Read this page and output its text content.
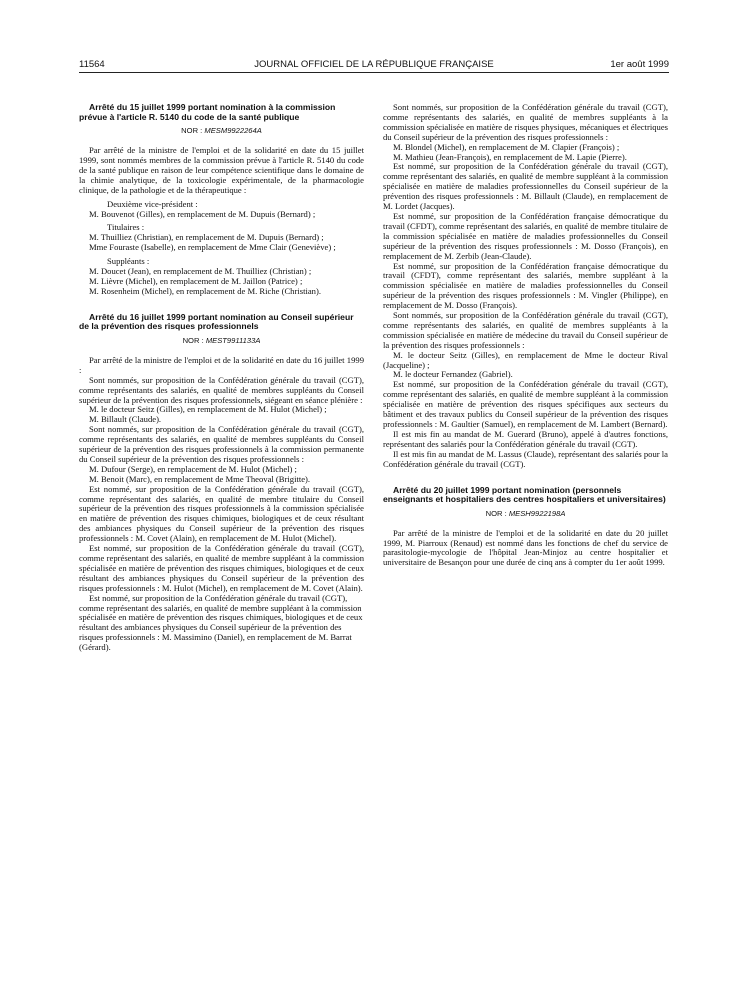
11564	JOURNAL OFFICIEL DE LA RÉPUBLIQUE FRANÇAISE	1er août 1999

Arrêté du 15 juillet 1999 portant nomination à la commission prévue à l'article R. 5140 du code de la santé publique

NOR : MESM9922264A

Par arrêté de la ministre de l'emploi et de la solidarité en date du 15 juillet 1999, sont nommés membres de la commission prévue à l'article R. 5140 du code de la santé publique en raison de leur compétence scientifique dans le domaine de la chimie analytique, de la toxicologie expérimentale, de la pharmacologie clinique, de la pathologie et de la thérapeutique :

Deuxième vice-président :

M. Bouvenot (Gilles), en remplacement de M. Dupuis (Bernard) ;

Titulaires :

M. Thuilliez (Christian), en remplacement de M. Dupuis (Bernard) ;

Mme Fouraste (Isabelle), en remplacement de Mme Clair (Geneviève) ;

Suppléants :

M. Doucet (Jean), en remplacement de M. Thuilliez (Christian) ;

M. Lièvre (Michel), en remplacement de M. Jaillon (Patrice) ;

M. Rosenheim (Michel), en remplacement de M. Riche (Christian).

Arrêté du 16 juillet 1999 portant nomination au Conseil supérieur de la prévention des risques professionnels

NOR : MEST9911133A

Par arrêté de la ministre de l'emploi et de la solidarité en date du 16 juillet 1999 :

Sont nommés, sur proposition de la Confédération générale du travail (CGT), comme représentants des salariés, en qualité de membres suppléants du Conseil supérieur de la prévention des risques professionnels, siégeant en séance plénière :

M. le docteur Seitz (Gilles), en remplacement de M. Hulot (Michel) ;

M. Billault (Claude).

Sont nommés, sur proposition de la Confédération générale du travail (CGT), comme représentants des salariés, en qualité de membres suppléants du Conseil supérieur de la prévention des risques professionnels à la commission permanente du Conseil supérieur de la prévention des risques professionnels :

M. Dufour (Serge), en remplacement de M. Hulot (Michel) ;

M. Benoit (Marc), en remplacement de Mme Theoval (Brigitte).

Est nommé, sur proposition de la Confédération générale du travail (CGT), comme représentant des salariés, en qualité de membre titulaire du Conseil supérieur de la prévention des risques professionnels à la commission spécialisée en matière de prévention des risques chimiques, biologiques et de ceux résultant des ambiances physiques du Conseil supérieur de la prévention des risques professionnels : M. Covet (Alain), en remplacement de M. Hulot (Michel).

Est nommé, sur proposition de la Confédération générale du travail (CGT), comme représentant des salariés, en qualité de membre suppléant à la commission spécialisée en matière de prévention des risques chimiques, biologiques et de ceux résultant des ambiances physiques du Conseil supérieur de la prévention des risques professionnels : M. Hulot (Michel), en remplacement de M. Covet (Alain).

Est nommé, sur proposition de la Confédération générale du travail (CGT), comme représentant des salariés, en qualité de membre suppléant à la commission spécialisée en matière de prévention des risques chimiques, biologiques et de ceux résultant des ambiances physiques du Conseil supérieur de la prévention des risques professionnels : M. Massimino (Daniel), en remplacement de M. Barrat (Gérard).

Sont nommés, sur proposition de la Confédération générale du travail (CGT), comme représentants des salariés, en qualité de membres suppléants à la commission spécialisée en matière de risques physiques, mécaniques et électriques du Conseil supérieur de la prévention des risques professionnels :

M. Blondel (Michel), en remplacement de M. Clapier (François) ;

M. Mathieu (Jean-François), en remplacement de M. Lapie (Pierre).

Est nommé, sur proposition de la Confédération générale du travail (CGT), comme représentant des salariés, en qualité de membre suppléant à la commission spécialisée en matière de maladies professionnelles du Conseil supérieur de la prévention des risques professionnels : M. Billault (Claude), en remplacement de M. Lordet (Jacques).

Est nommé, sur proposition de la Confédération française démocratique du travail (CFDT), comme représentant des salariés, en qualité de membre titulaire de la commission spécialisée en matière de maladies professionnelles du Conseil supérieur de la prévention des risques professionnels : M. Dosso (François), en remplacement de M. Zerbib (Jean-Claude).

Est nommé, sur proposition de la Confédération française démocratique du travail (CFDT), comme représentant des salariés, membre suppléant à la commission spécialisée en matière de maladies professionnelles du Conseil supérieur de la prévention des risques professionnels : M. Vingler (Philippe), en remplacement de M. Dosso (François).

Sont nommés, sur proposition de la Confédération générale du travail (CGT), comme représentants des salariés, en qualité de membres suppléants à la commission spécialisée en matière de médecine du travail du Conseil supérieur de la prévention des risques professionnels :

M. le docteur Seitz (Gilles), en remplacement de Mme le docteur Rival (Jacqueline) ;

M. le docteur Fernandez (Gabriel).

Est nommé, sur proposition de la Confédération générale du travail (CGT), comme représentant des salariés, en qualité de membre suppléant à la commission spécialisée en matière de prévention des risques spécifiques aux secteurs du bâtiment et des travaux publics du Conseil supérieur de la prévention des risques professionnels : M. Gaultier (Samuel), en remplacement de M. Lambert (Bernard).

Il est mis fin au mandat de M. Guerard (Bruno), appelé à d'autres fonctions, représentant des salariés pour la Confédération générale du travail (CGT).

Il est mis fin au mandat de M. Lassus (Claude), représentant des salariés pour la Confédération générale du travail (CGT).

Arrêté du 20 juillet 1999 portant nomination (personnels enseignants et hospitaliers des centres hospitaliers et universitaires)

NOR : MESH9922198A

Par arrêté de la ministre de l'emploi et de la solidarité en date du 20 juillet 1999, M. Piarroux (Renaud) est nommé dans les fonctions de chef du service de parasitologie-mycologie de l'hôpital Jean-Minjoz au centre hospitalier et universitaire de Besançon pour une durée de cinq ans à compter du 1er août 1999.
